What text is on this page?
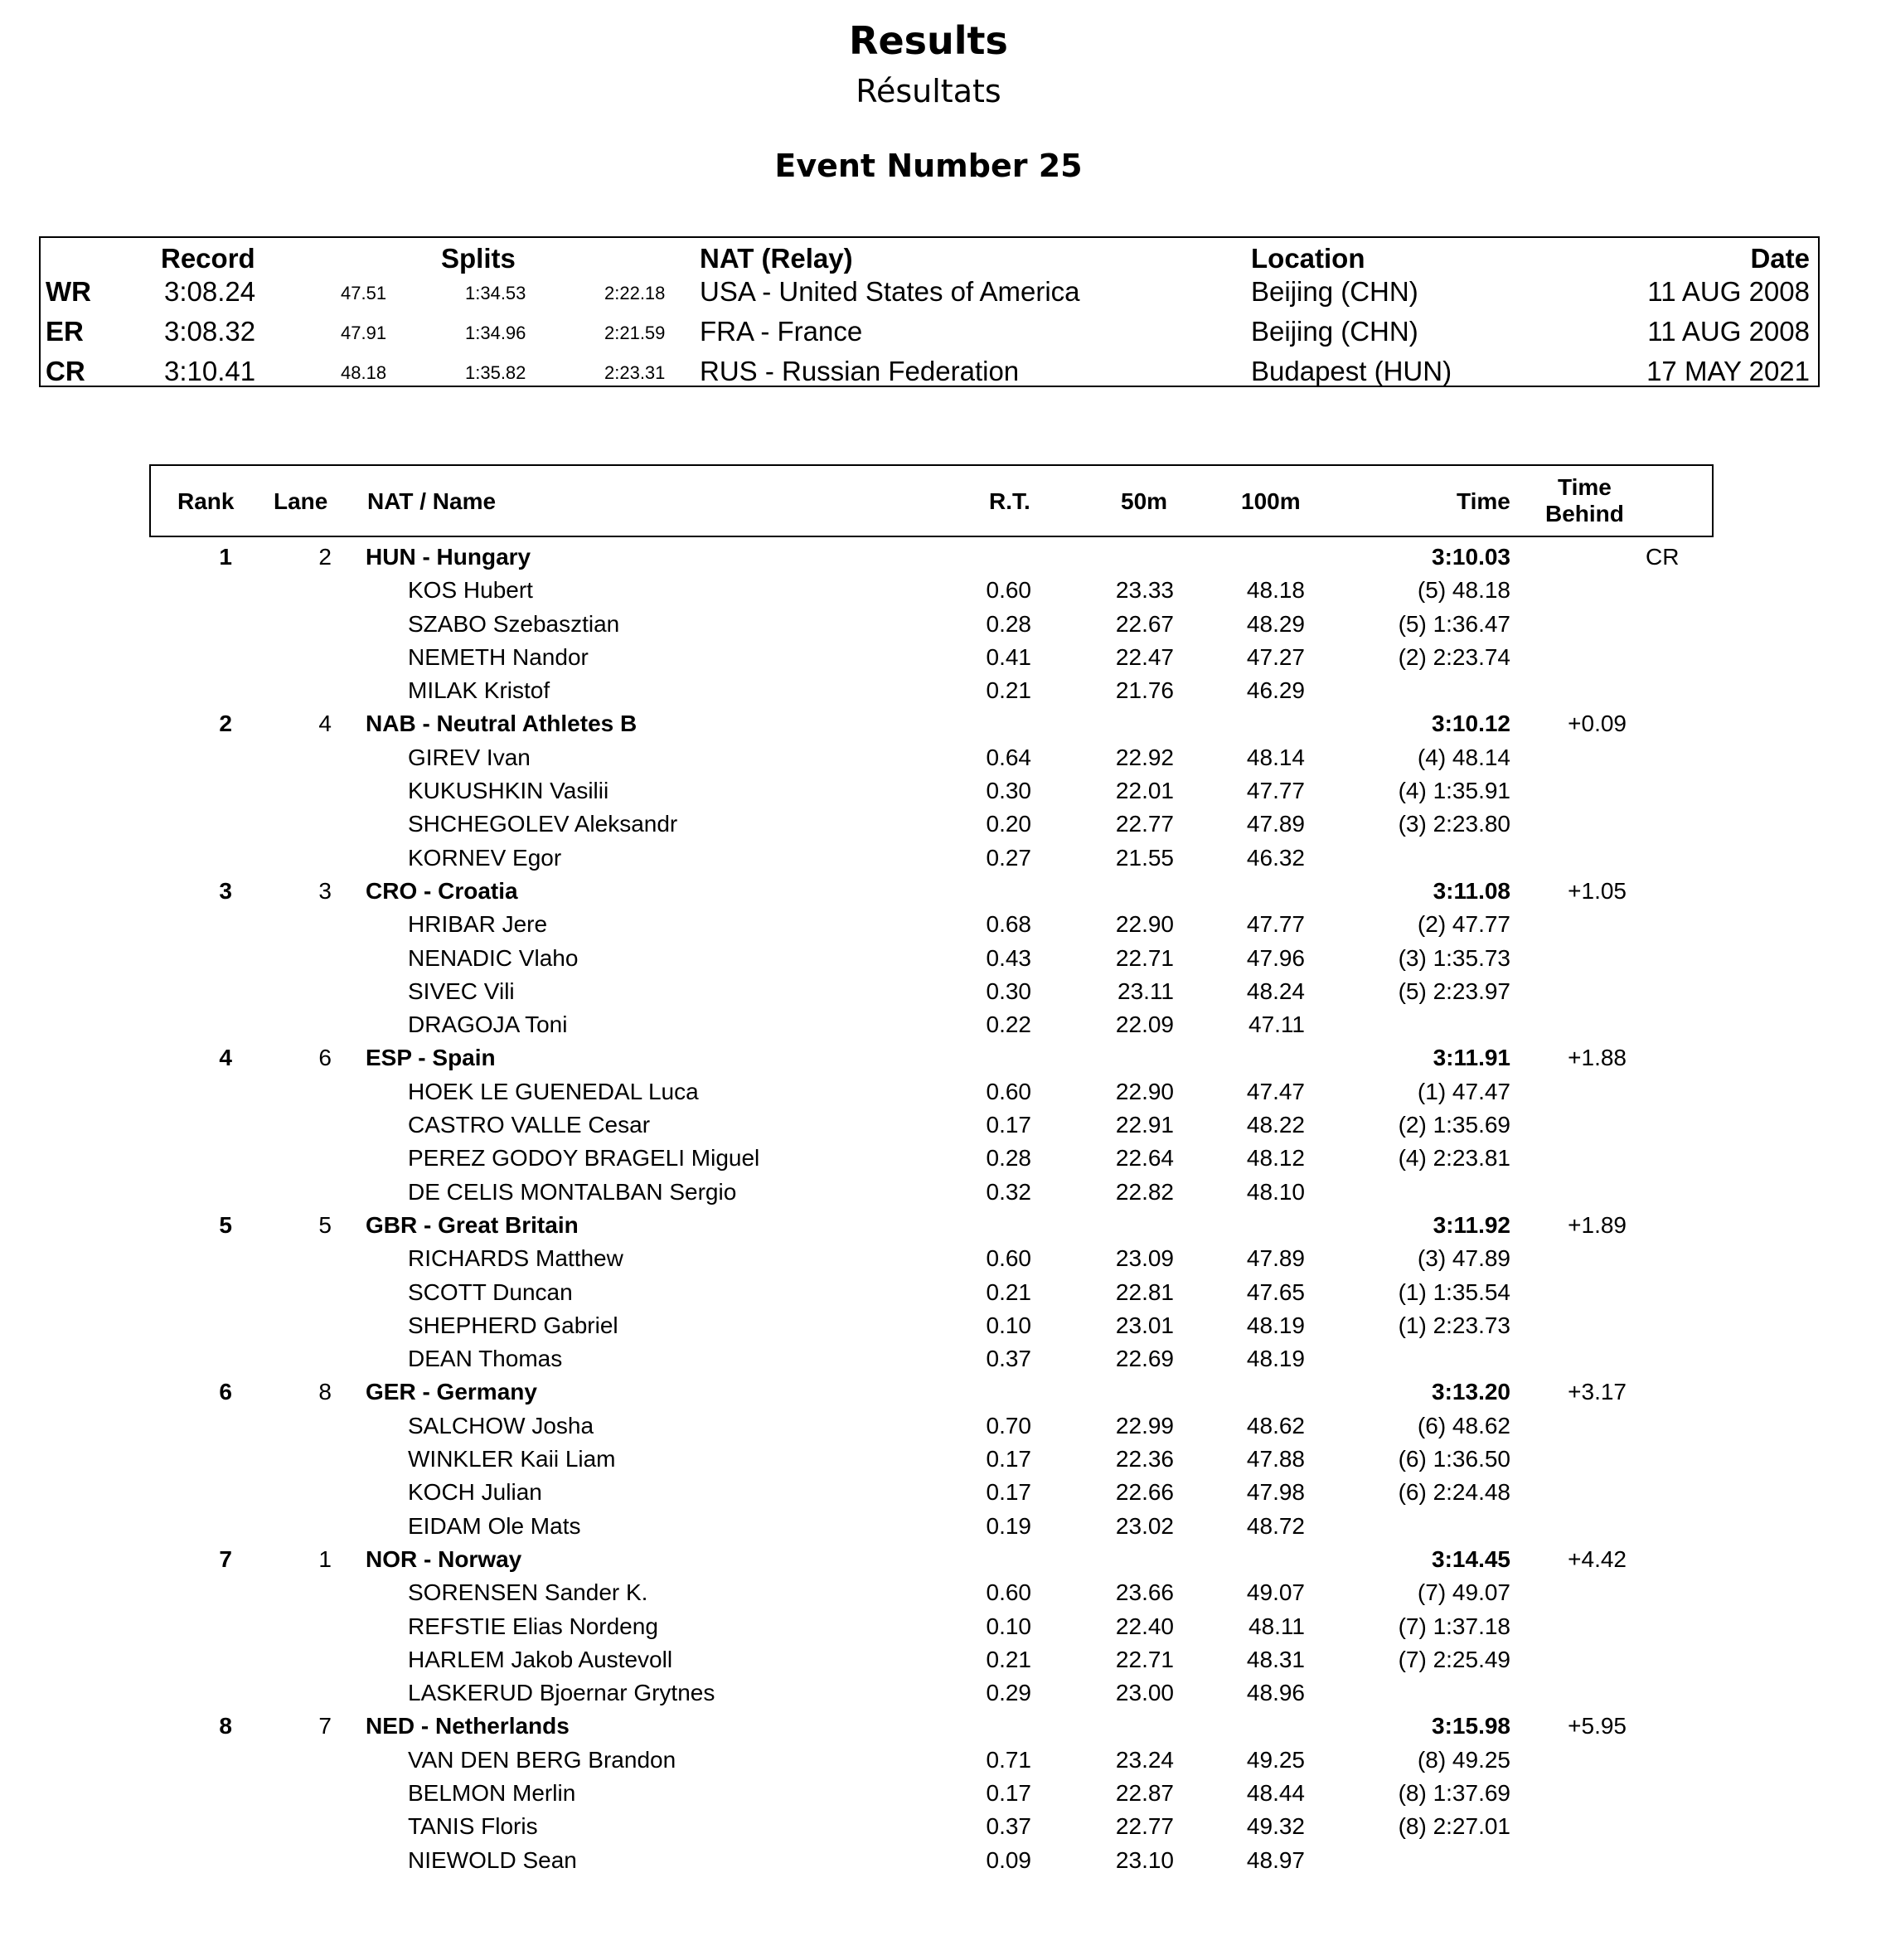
Results
Résultats
Event Number 25
Record	Splits	NAT (Relay)	Location	Date
WR	3:08.24	47.51	1:34.53	2:22.18 USA - United States of America	Beijing (CHN)	11 AUG 2008
ER	3:08.32	47.91	1:34.96	2:21.59 FRA - France	Beijing (CHN)	11 AUG 2008
CR	3:10.41	48.18	1:35.82	2:23.31 RUS - Russian Federation	Budapest (HUN)	17 MAY 2021
Rank Lane NAT / Name	R.T.	50m	100m	Time
Time
Behind
1	2 HUN - Hungary	3:10.03	CR
KOS Hubert	0.60	23.33	48.18	(5) 48.18
SZABO Szebasztian	0.28	22.67	48.29	(5) 1:36.47
NEMETH Nandor	0.41	22.47	47.27	(2) 2:23.74
MILAK Kristof	0.21	21.76	46.29
2	4 NAB - Neutral Athletes B	3:10.12	+0.09
GIREV Ivan	0.64	22.92	48.14	(4) 48.14
KUKUSHKIN Vasilii	0.30	22.01	47.77	(4) 1:35.91
SHCHEGOLEV Aleksandr	0.20	22.77	47.89	(3) 2:23.80
KORNEV Egor	0.27	21.55	46.32
3	3 CRO - Croatia	3:11.08	+1.05
HRIBAR Jere	0.68	22.90	47.77	(2) 47.77
NENADIC Vlaho	0.43	22.71	47.96	(3) 1:35.73
SIVEC Vili	0.30	23.11	48.24	(5) 2:23.97
DRAGOJA Toni	0.22	22.09	47.11
4	6 ESP - Spain	3:11.91	+1.88
HOEK LE GUENEDAL Luca	0.60	22.90	47.47	(1) 47.47
CASTRO VALLE Cesar	0.17	22.91	48.22	(2) 1:35.69
PEREZ GODOY BRAGELI Miguel	0.28	22.64	48.12	(4) 2:23.81
DE CELIS MONTALBAN Sergio	0.32	22.82	48.10
5	5 GBR - Great Britain	3:11.92	+1.89
RICHARDS Matthew	0.60	23.09	47.89	(3) 47.89
SCOTT Duncan	0.21	22.81	47.65	(1) 1:35.54
SHEPHERD Gabriel	0.10	23.01	48.19	(1) 2:23.73
DEAN Thomas	0.37	22.69	48.19
6	8 GER - Germany	3:13.20	+3.17
SALCHOW Josha	0.70	22.99	48.62	(6) 48.62
WINKLER Kaii Liam	0.17	22.36	47.88	(6) 1:36.50
KOCH Julian	0.17	22.66	47.98	(6) 2:24.48
EIDAM Ole Mats	0.19	23.02	48.72
7	1 NOR - Norway	3:14.45	+4.42
SORENSEN Sander K.	0.60	23.66	49.07	(7) 49.07
REFSTIE Elias Nordeng	0.10	22.40	48.11	(7) 1:37.18
HARLEM Jakob Austevoll	0.21	22.71	48.31	(7) 2:25.49
LASKERUD Bjoernar Grytnes	0.29	23.00	48.96
8	7 NED - Netherlands	3:15.98	+5.95
VAN DEN BERG Brandon	0.71	23.24	49.25	(8) 49.25
BELMON Merlin	0.17	22.87	48.44	(8) 1:37.69
TANIS Floris	0.37	22.77	49.32	(8) 2:27.01
NIEWOLD Sean	0.09	23.10	48.97
